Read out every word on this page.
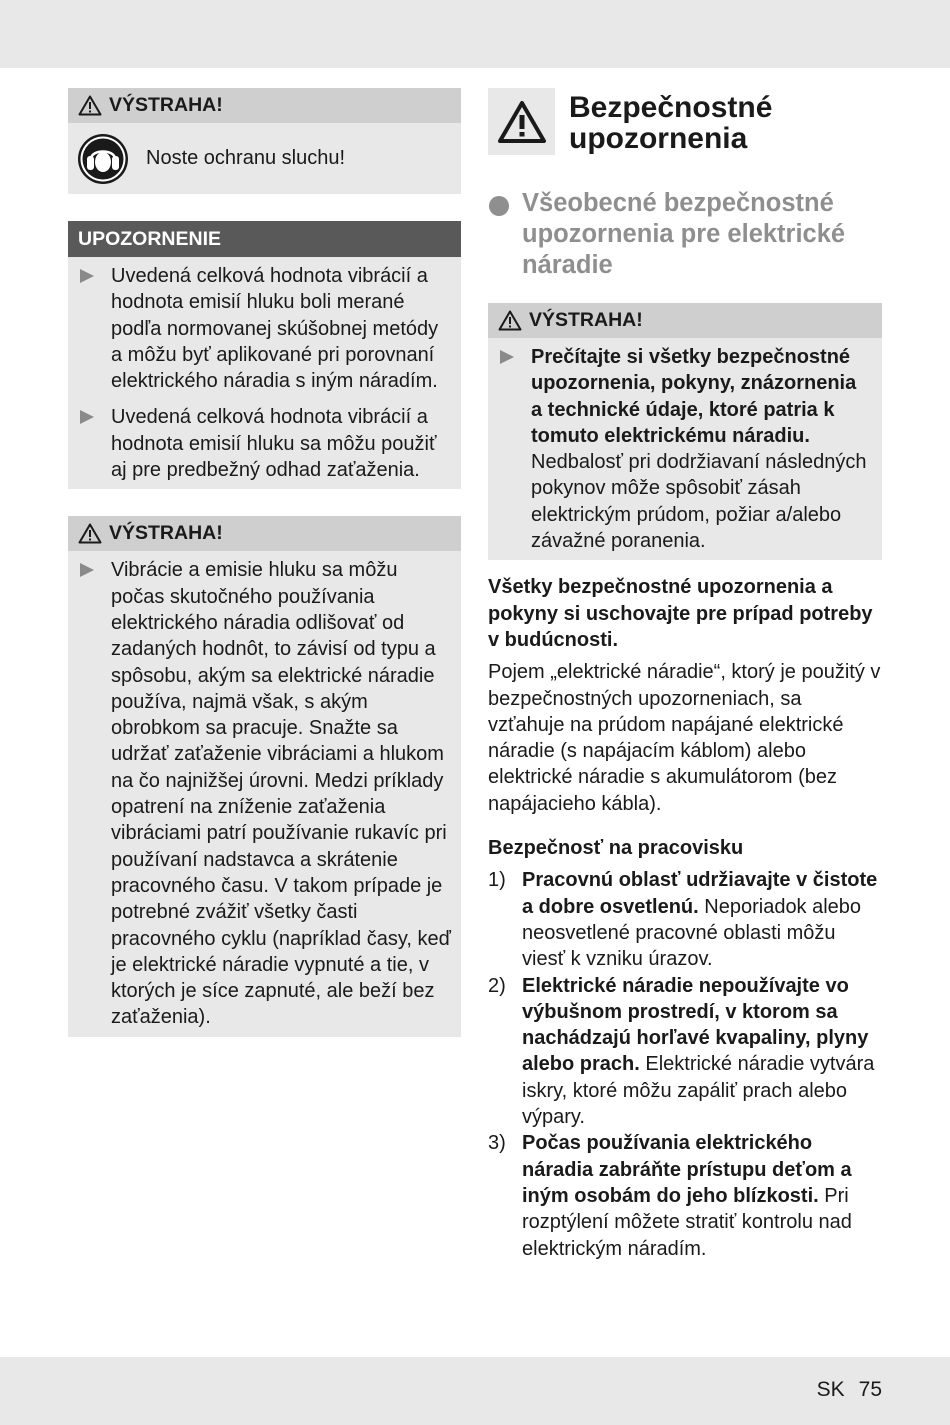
VÝSTRAHA!
Noste ochranu sluchu!
UPOZORNENIE
Uvedená celková hodnota vibrácií a hodnota emisií hluku boli merané podľa normovanej skúšobnej metódy a môžu byť aplikované pri porovnaní elektrického náradia s iným náradím.
Uvedená celková hodnota vibrácií a hodnota emisií hluku sa môžu použiť aj pre predbežný odhad zaťaženia.
VÝSTRAHA!
Vibrácie a emisie hluku sa môžu počas skutočného používania elektrického náradia odlišovať od zadaných hodnôt, to závisí od typu a spôsobu, akým sa elektrické náradie používa, najmä však, s akým obrobkom sa pracuje. Snažte sa udržať zaťaženie vibráciami a hlukom na čo najnižšej úrovni. Medzi príklady opatrení na zníženie zaťaženia vibráciami patrí používanie rukavíc pri používaní nadstavca a skrátenie pracovného času. V takom prípade je potrebné zvážiť všetky časti pracovného cyklu (napríklad časy, keď je elektrické náradie vypnuté a tie, v ktorých je síce zapnuté, ale beží bez zaťaženia).
Bezpečnostné
upozornenia
Všeobecné bezpečnostné upozornenia pre elektrické náradie
VÝSTRAHA!
Prečítajte si všetky bezpečnostné upozornenia, pokyny, znázornenia a technické údaje, ktoré patria k tomuto elektrickému náradiu. Nedbalosť pri dodržiavaní následných pokynov môže spôsobiť zásah elektrickým prúdom, požiar a/alebo závažné poranenia.

Všetky bezpečnostné upozornenia a pokyny si uschovajte pre prípad potreby v budúcnosti.

Pojem „elektrické náradie“, ktorý je použitý v bezpečnostných upozorneniach, sa vzťahuje na prúdom napájané elektrické náradie (s napájacím káblom) alebo elektrické náradie s akumulátorom (bez napájacieho kábla).

Bezpečnosť na pracovisku

1) Pracovnú oblasť udržiavajte v čistote a dobre osvetlenú. Neporiadok alebo neosvetlené pracovné oblasti môžu viesť k vzniku úrazov.
2) Elektrické náradie nepoužívajte vo výbušnom prostredí, v ktorom sa nachádzajú horľavé kvapaliny, plyny alebo prach. Elektrické náradie vytvára iskry, ktoré môžu zapáliť prach alebo výpary.
3) Počas používania elektrického náradia zabráňte prístupu deťom a iným osobám do jeho blízkosti. Pri rozptýlení môžete stratiť kontrolu nad elektrickým náradím.
SK 75
